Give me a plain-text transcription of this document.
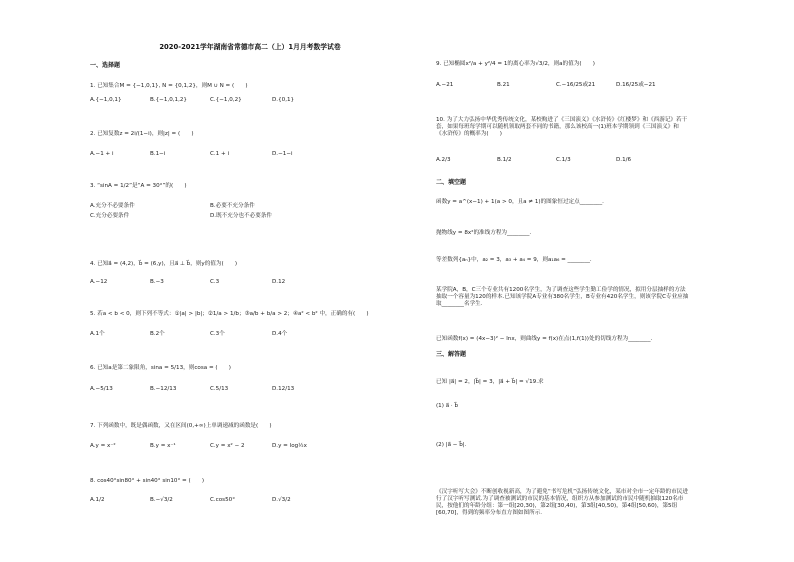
2020-2021学年湖南省常德市高二（上）1月月考数学试卷
一、选择题
1. 已知集合M = {−1,0,1}, N = {0,1,2}，则M ∪ N = (　　)
A.{−1,0,1}	B.{−1,0,1,2}	C.{−1,0,2}	D.{0,1}
2. 已知复数z = 2i/(1−i)，则|z| = (　　)
A.−1 + i	B.1−i	C.1 + i	D.−1−i
3. “sinA = 1/2”是“A = 30°”的(　　)
A.充分不必要条件	B.必要不充分条件
C.充分必要条件	D.既不充分也不必要条件
4. 已知a⃗ = (4,2)，b⃗ = (6,y)，且a⃗ ⊥ b⃗，则y的值为(　　)
A.−12	B.−3	C.3	D.12
5. 若a < b < 0，则下列不等式：①|a| > |b|；②1/a > 1/b；③a/b + b/a > 2；④a² < b² 中，正确的有(　　)
A.1个	B.2个	C.3个	D.4个
6. 已知a是第二象限角，sina = 5/13，则cosa = (　　)
A.−5/13	B.−12/13	C.5/13	D.12/13
7. 下列函数中，既是偶函数，又在区间(0,+∞)上单调递减的函数是(　　)
A.y = x⁻²	B.y = x⁻¹	C.y = x² − 2	D.y = log½x
8. cos40°sin80° + sin40° sin10° = (　　)
A.1/2	B.−√3/2	C.cos50°	D.√3/2
9. 已知椭圆x²/a + y²/4 = 1的离心率为√3/2，则a的值为(　　)
A.−21	B.21	C.−16/25或21	D.16/25或−21
10. 为了大力弘扬中华优秀传统文化，某校购进了《三国演义》《水浒传》《红楼梦》和《西游记》若干套，如果每班每学期可以随机领取两套不同的书籍，那么该校高一(1)班本学期领到《三国演义》和《水浒传》的概率为(　　)
A.2/3	B.1/2	C.1/3	D.1/6
二、填空题
函数y = a^(x−1) + 1(a > 0，且a ≠ 1)的图象恒过定点________.
抛物线y = 8x²的准线方程为________.
等差数列{aₙ}中，a₂ = 3，a₃ + a₄ = 9，则a₁a₆ = ________.
某学院A，B，C三个专业共有1200名学生，为了调查这些学生勤工俭学的情况，拟用分层抽样的方法抽取一个容量为120的样本.已知该学院A专业有380名学生，B专业有420名学生，则该学院C专业应抽取________名学生.
已知函数f(x) = (4x−3)² − lnx，则曲线y = f(x)在点(1,f(1))处的切线方程为________.
三、解答题
已知 |a⃗| = 2，|b⃗| = 3，|a⃗ + b⃗| = √19.求
(1) a⃗ · b⃗
(2) |a⃗ − b⃗|.
《汉字听写大会》不断创收视新高，为了避免“书写危机”弘扬传统文化，某市对全市一定年龄的市民进行了汉字听写测试.为了调查被测试的市民的基本情况，组织方从参加测试的市民中随机抽取120名市民，按他们的年龄分组：第一组[20,30)，第2组[30,40)，第3组[40,50)，第4组[50,60)，第5组[60,70]，得到的频率分布直方图如图所示.
